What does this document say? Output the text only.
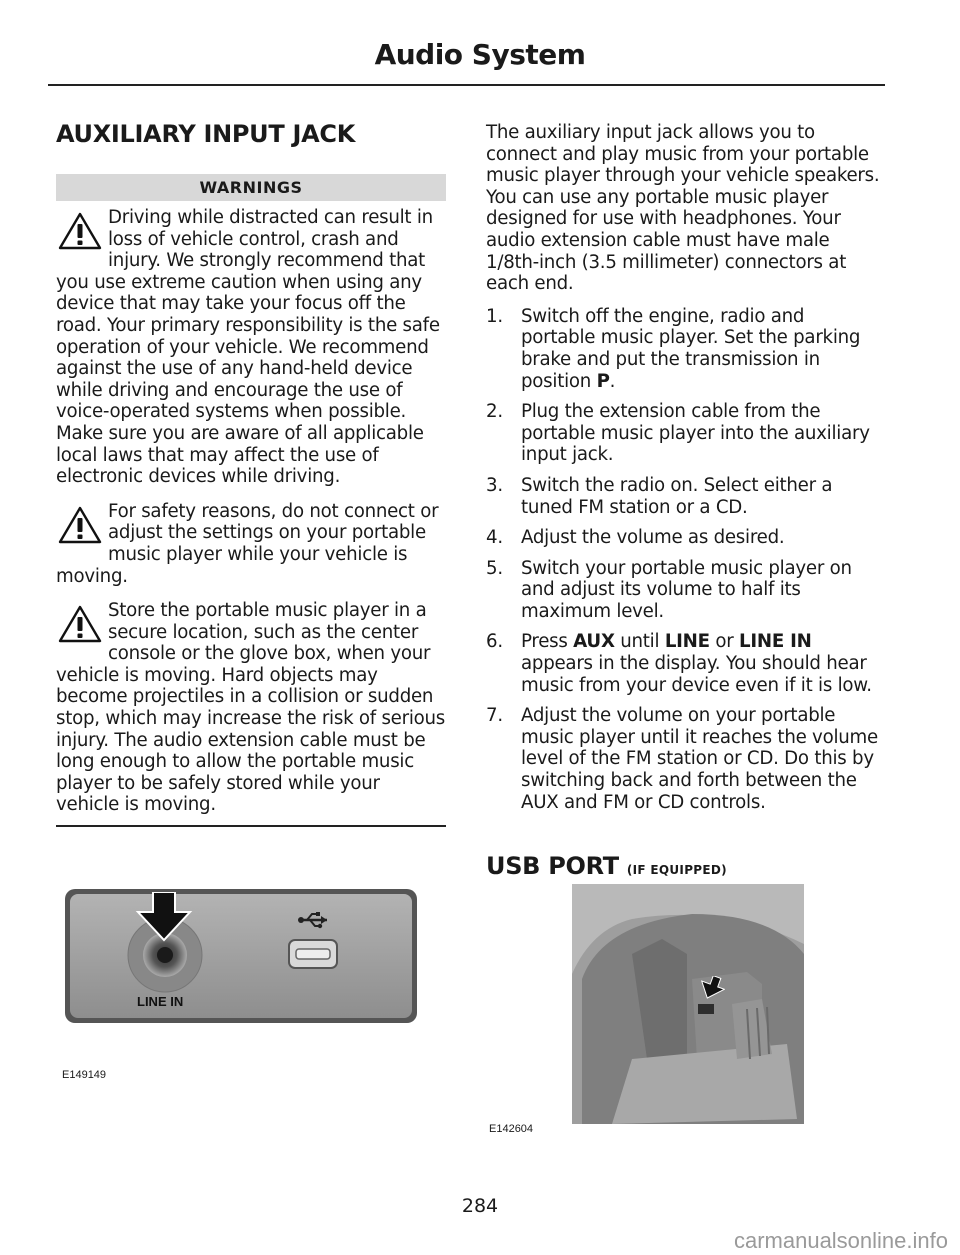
Audio System
AUXILIARY INPUT JACK
WARNINGS
Driving while distracted can result in loss of vehicle control, crash and injury. We strongly recommend that you use extreme caution when using any device that may take your focus off the road. Your primary responsibility is the safe operation of your vehicle. We recommend against the use of any hand-held device while driving and encourage the use of voice-operated systems when possible. Make sure you are aware of all applicable local laws that may affect the use of electronic devices while driving.
For safety reasons, do not connect or adjust the settings on your portable music player while your vehicle is moving.
Store the portable music player in a secure location, such as the center console or the glove box, when your vehicle is moving. Hard objects may become projectiles in a collision or sudden stop, which may increase the risk of serious injury. The audio extension cable must be long enough to allow the portable music player to be safely stored while your vehicle is moving.

The auxiliary input jack allows you to connect and play music from your portable music player through your vehicle speakers. You can use any portable music player designed for use with headphones. Your audio extension cable must have male 1/8th-inch (3.5 millimeter) connectors at each end.

1. Switch off the engine, radio and portable music player. Set the parking brake and put the transmission in position P.
2. Plug the extension cable from the portable music player into the auxiliary input jack.
3. Switch the radio on. Select either a tuned FM station or a CD.
4. Adjust the volume as desired.
5. Switch your portable music player on and adjust its volume to half its maximum level.
6. Press AUX until LINE or LINE IN appears in the display. You should hear music from your device even if it is low.
7. Adjust the volume on your portable music player until it reaches the volume level of the FM station or CD. Do this by switching back and forth between the AUX and FM or CD controls.
USB PORT (IF EQUIPPED)
LINE IN
E149149
E142604
284
carmanualsonline.info
